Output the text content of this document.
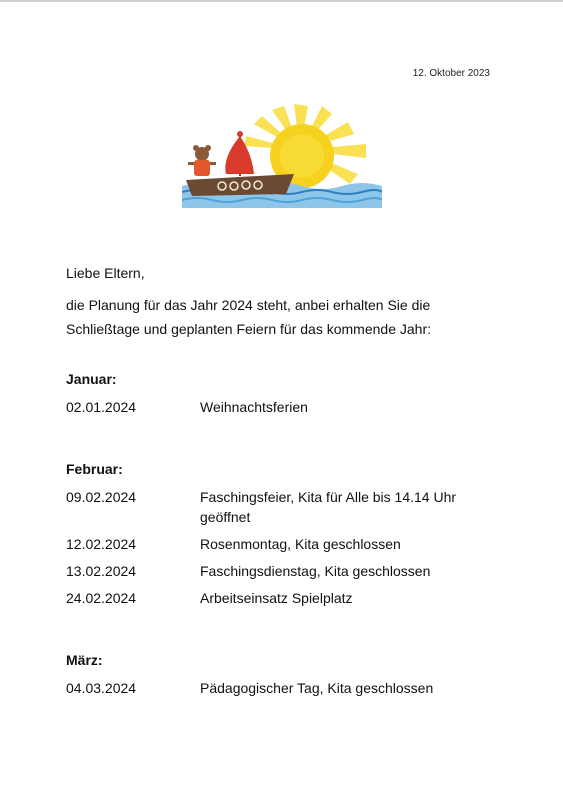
12. Oktober 2023
Liebe Eltern,
die Planung für das Jahr 2024 steht, anbei erhalten Sie die Schließtage und geplanten Feiern für das kommende Jahr:
Januar:
02.01.2024	Weihnachtsferien
Februar:
09.02.2024	Faschingsfeier, Kita für Alle bis 14.14 Uhr geöffnet
12.02.2024	Rosenmontag, Kita geschlossen
13.02.2024	Faschingsdienstag, Kita geschlossen
24.02.2024	Arbeitseinsatz Spielplatz
März:
04.03.2024	Pädagogischer Tag, Kita geschlossen
